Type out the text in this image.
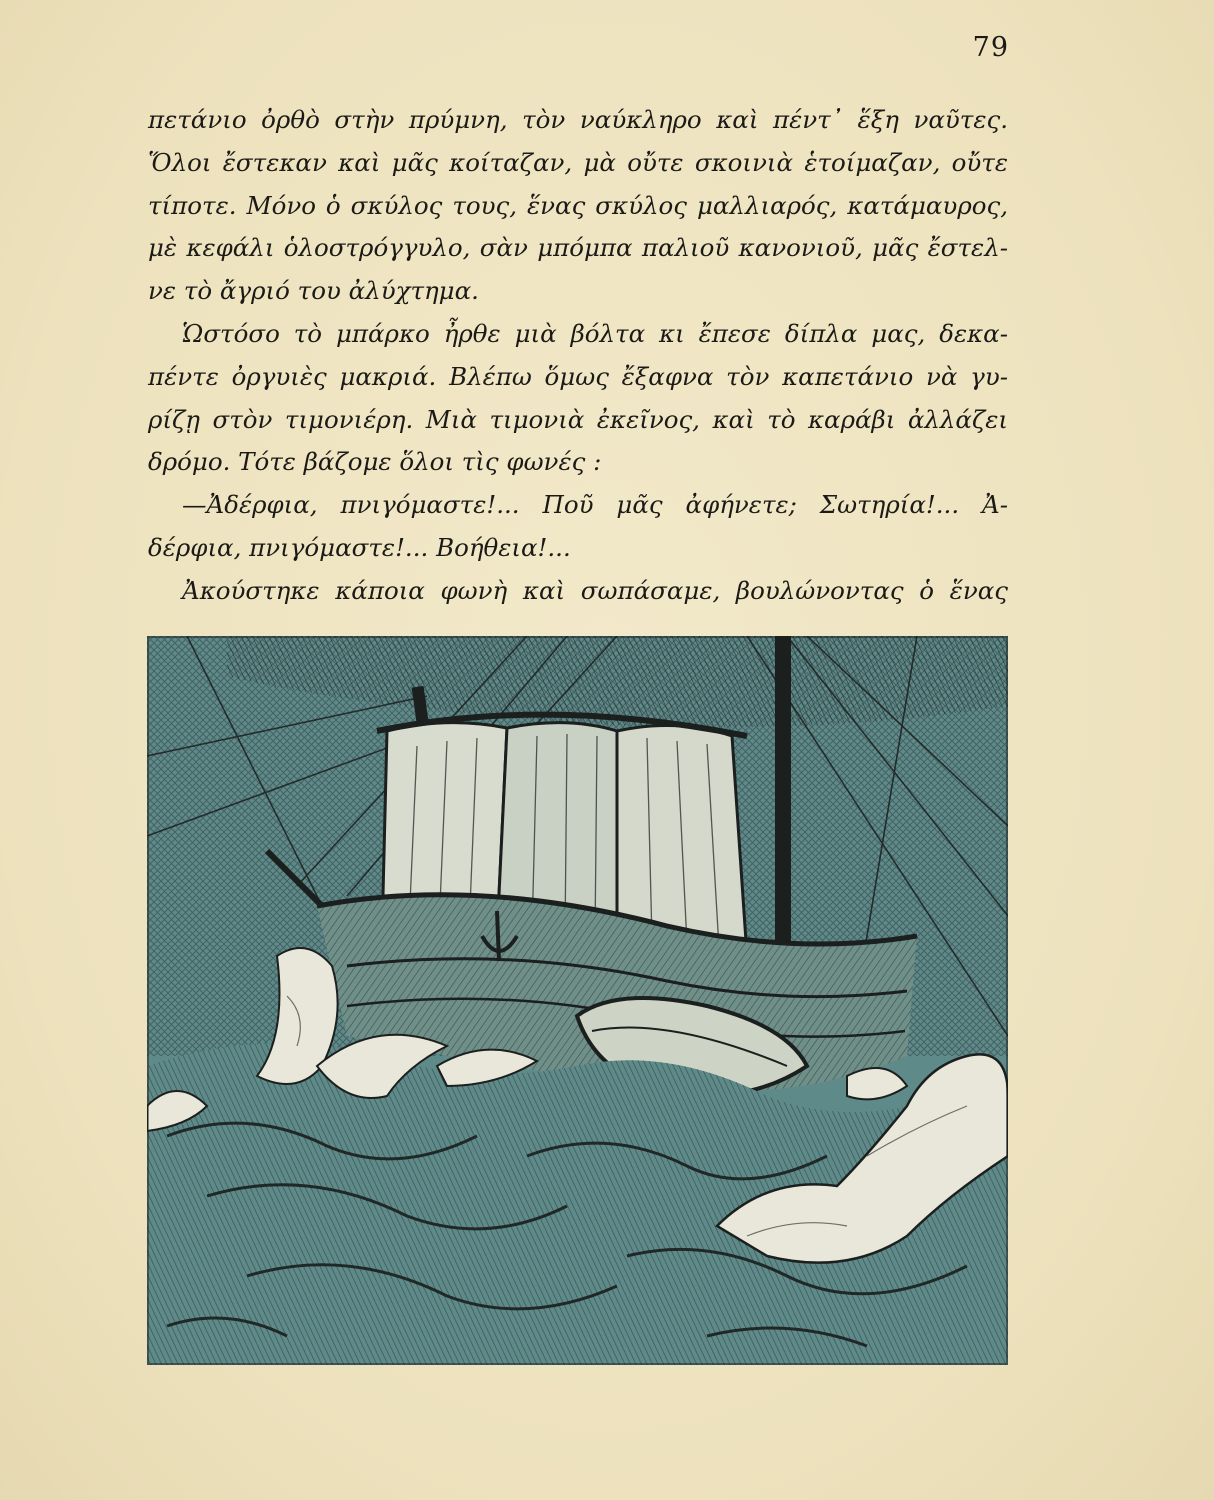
79
πετάνιο ὀρθὸ στὴν πρύμνη, τὸν ναύκληρο καὶ πέντ᾽ ἕξη ναῦτες.
Ὅλοι ἔστεκαν καὶ μᾶς κοίταζαν, μὰ οὔτε σκοινιὰ ἑτοίμαζαν, οὔτε
τίποτε. Μόνο ὁ σκύλος τους, ἕνας σκύλος μαλλιαρός, κατάμαυρος,
μὲ κεφάλι ὁλοστρόγγυλο, σὰν μπόμπα παλιοῦ κανονιοῦ, μᾶς ἔστελ-
νε τὸ ἄγριό του ἀλύχτημα.
Ὡστόσο τὸ μπάρκο ἦρθε μιὰ βόλτα κι ἔπεσε δίπλα μας, δεκα-
πέντε ὀργυιὲς μακριά. Βλέπω ὅμως ἔξαφνα τὸν καπετάνιο νὰ γυ-
ρίζῃ στὸν τιμονιέρη. Μιὰ τιμονιὰ ἐκεῖνος, καὶ τὸ καράβι ἀλλάζει
δρόμο. Τότε βάζομε ὅλοι τὶς φωνές :
—Ἀδέρφια, πνιγόμαστε!... Ποῦ μᾶς ἀφήνετε; Σωτηρία!... Ἀ-
δέρφια, πνιγόμαστε!... Βοήθεια!...
Ἀκούστηκε κάποια φωνὴ καὶ σωπάσαμε, βουλώνοντας ὁ ἕνας
